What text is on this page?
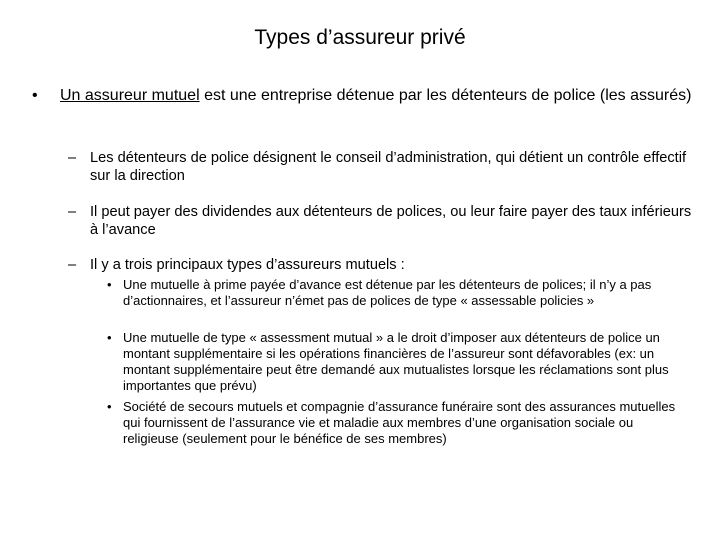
Types d’assureur privé
• Un assureur mutuel est une entreprise détenue par les détenteurs de police (les assurés)
– Les détenteurs de police désignent le conseil d’administration, qui détient un contrôle effectif sur la direction
– Il peut payer des dividendes aux détenteurs de polices, ou leur faire payer des taux inférieurs à l’avance
– Il y a trois principaux types d’assureurs mutuels :
• Une mutuelle à prime payée d’avance est détenue par les détenteurs de polices; il n’y a pas d’actionnaires, et l’assureur n’émet pas de polices de type « assessable policies »
• Une mutuelle de type « assessment mutual » a le droit d’imposer aux détenteurs de police un montant supplémentaire si les opérations financières de l’assureur sont défavorables (ex: un montant supplémentaire peut être demandé aux mutualistes lorsque les réclamations sont plus importantes que prévu)
• Société de secours mutuels et compagnie d’assurance funéraire sont des assurances mutuelles qui fournissent de l’assurance vie et maladie aux membres d’une organisation sociale ou religieuse (seulement pour le bénéfice de ses membres)
